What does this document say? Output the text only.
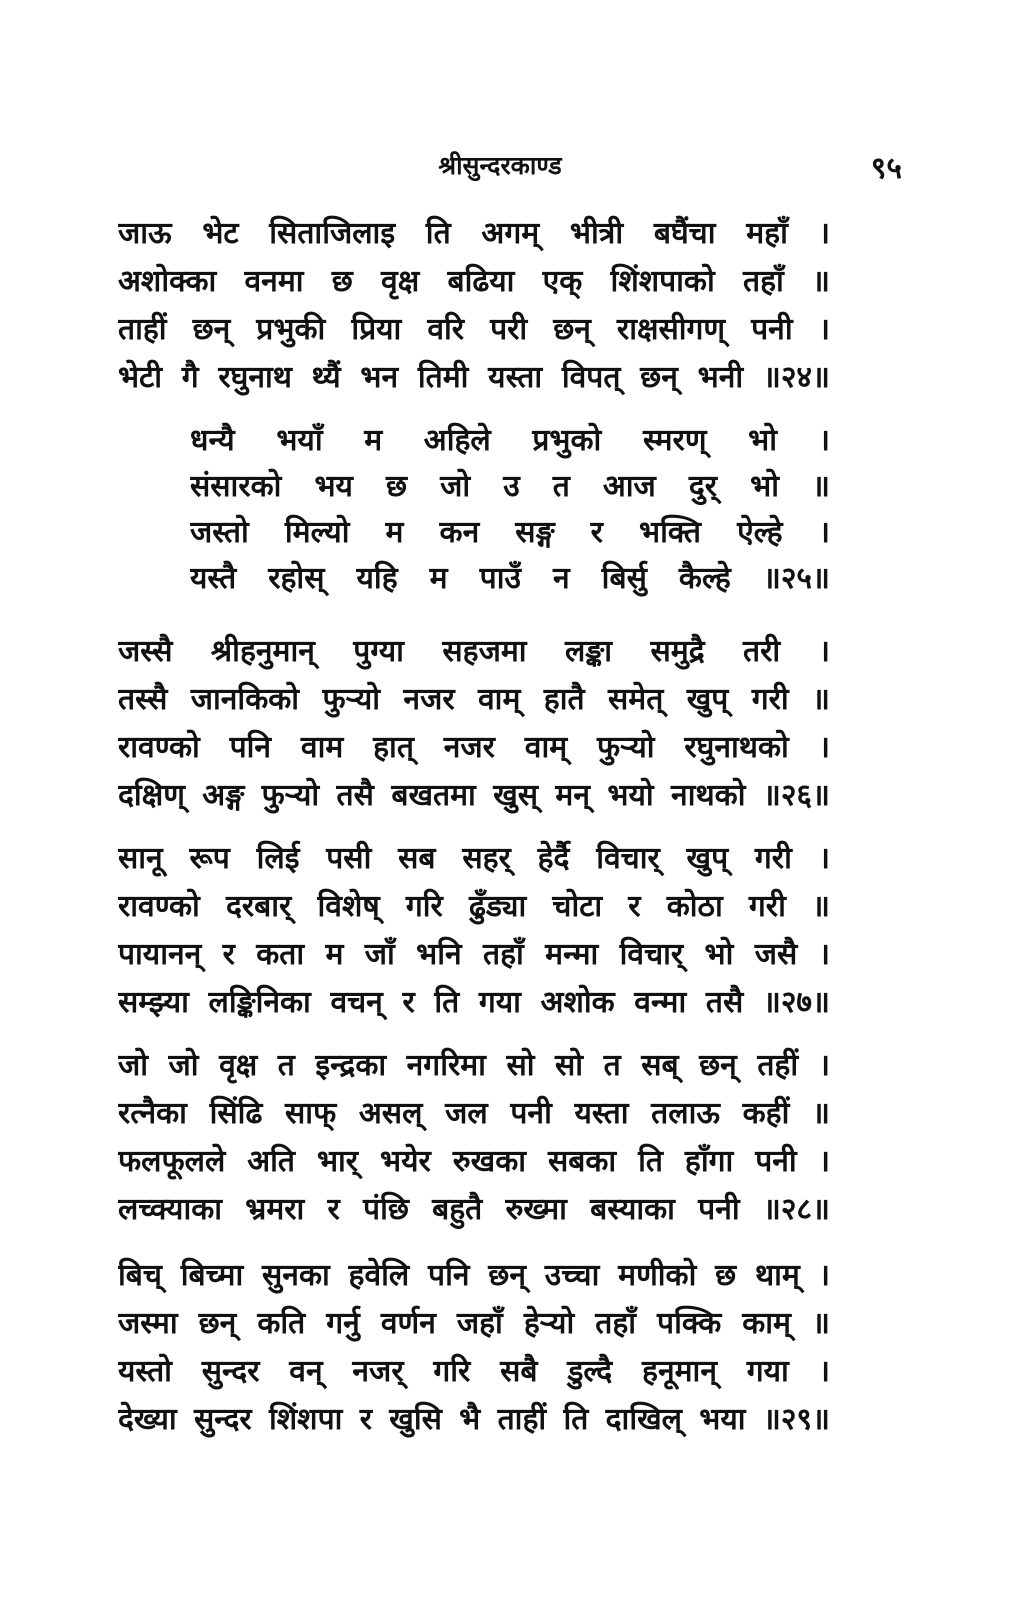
श्रीसुन्दरकाण्ड	९५
जाऊ भेट सिताजिलाइ ति अगम् भीत्री बघैंचा महाँ ।
अशोक्का वनमा छ वृक्ष बढिया एक् शिंशपाको तहाँ ॥
ताहीं छन् प्रभुकी प्रिया वरि परी छन् राक्षसीगण् पनी ।
भेटी गै रघुनाथ थ्यैं भन तिमी यस्ता विपत् छन् भनी ॥२४॥
धन्यै भयाँ म अहिले प्रभुको स्मरण् भो ।
संसारको भय छ जो उ त आज दुर् भो ॥
जस्तो मिल्यो म कन सङ्ग र भक्ति ऐल्हे ।
यस्तै रहोस् यहि म पाउँ न बिर्सु कैल्हे ॥२५॥
जस्सै श्रीहनुमान् पुग्या सहजमा लङ्का समुद्रै तरी ।
तस्सै जानकिको फुऱ्यो नजर वाम् हातै समेत् खुप् गरी ॥
रावण्को पनि वाम हात् नजर वाम् फुऱ्यो रघुनाथको ।
दक्षिण् अङ्ग फुऱ्यो तसै बखतमा खुस् मन् भयो नाथको ॥२६॥
सानू रूप लिई पसी सब सहर् हेर्दै विचार् खुप् गरी ।
रावण्को दरबार् विशेष् गरि ढुँड्या चोटा र कोठा गरी ॥
पायानन् र कता म जाँ भनि तहाँ मन्मा विचार् भो जसै ।
सम्झ्या लङ्किनिका वचन् र ति गया अशोक वन्मा तसै ॥२७॥
जो जो वृक्ष त इन्द्रका नगरिमा सो सो त सब् छन् तहीं ।
रत्नैका सिंढि साफ् असल् जल पनी यस्ता तलाऊ कहीं ॥
फलफूलले अति भार् भयेर रुखका सबका ति हाँगा पनी ।
लच्क्याका भ्रमरा र पंछि बहुतै रुख्मा बस्याका पनी ॥२८॥
बिच् बिच्मा सुनका हवेलि पनि छन् उच्चा मणीको छ थाम् ।
जस्मा छन् कति गर्नु वर्णन जहाँ हेऱ्यो तहाँ पक्कि काम् ॥
यस्तो सुन्दर वन् नजर् गरि सबै डुल्दै हनूमान् गया ।
देख्या सुन्दर शिंशपा र खुसि भै ताहीं ति दाखिल् भया ॥२९॥
